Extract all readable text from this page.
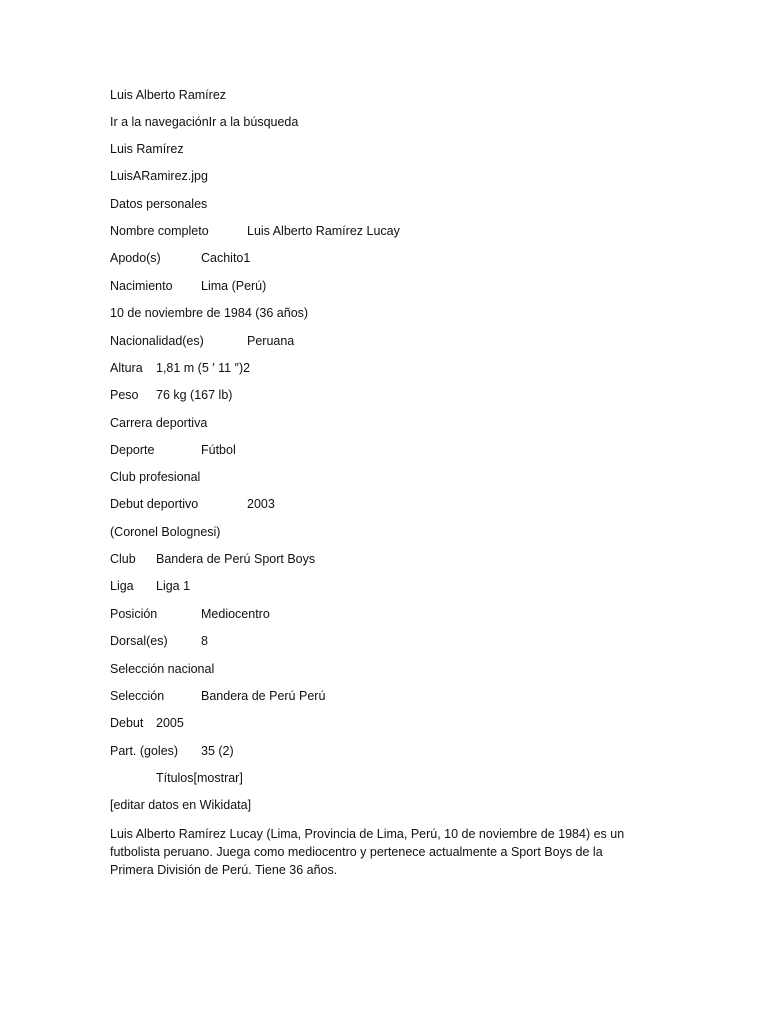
Luis Alberto Ramírez
Ir a la navegaciónIr a la búsqueda
Luis Ramírez
LuisARamirez.jpg
Datos personales
Nombre completo	Luis Alberto Ramírez Lucay
Apodo(s)	Cachito1
Nacimiento Lima (Perú)
10 de noviembre de 1984 (36 años)
Nacionalidad(es)	Peruana
Altura 1,81 m (5 ′ 11 ″)2
Peso 76 kg (167 lb)
Carrera deportiva
Deporte	Fútbol
Club profesional
Debut deportivo	2003
(Coronel Bolognesi)
Club Bandera de Perú Sport Boys
Liga Liga 1
Posición	Mediocentro
Dorsal(es)	8
Selección nacional
Selección	Bandera de Perú Perú
Debut 2005
Part. (goles) 35 (2)
Títulos[mostrar]
[editar datos en Wikidata]
Luis Alberto Ramírez Lucay (Lima, Provincia de Lima, Perú, 10 de noviembre de 1984) es un futbolista peruano. Juega como mediocentro y pertenece actualmente a Sport Boys de la Primera División de Perú. Tiene 36 años.
